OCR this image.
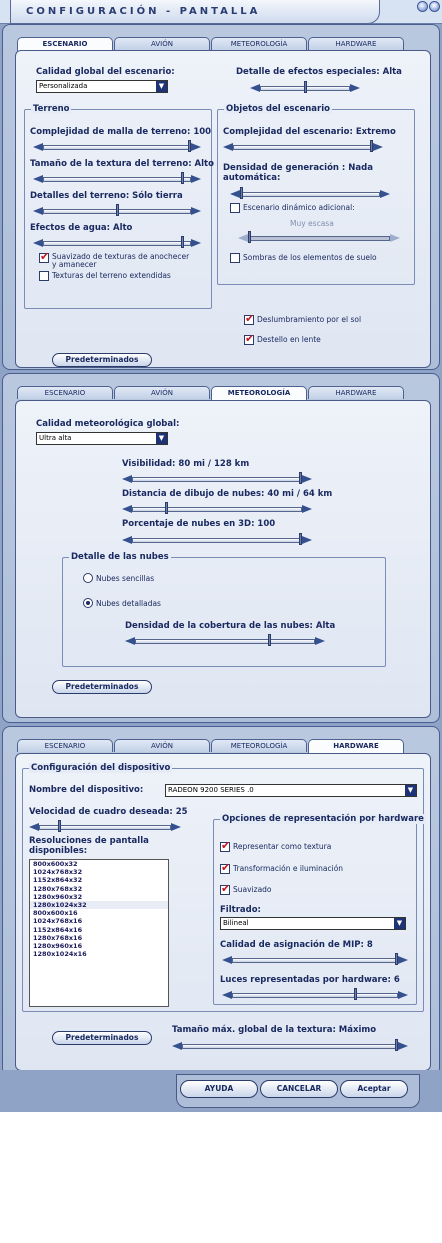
CONFIGURACIÓN - PANTALLA	–	×
ESCENARIO	AVIÓN	METEOROLOGÍA	HARDWARE
Calidad global del escenario:
Personalizada	▼
Detalle de efectos especiales: Alta
Terreno
Complejidad de malla de terreno: 100
Tamaño de la textura del terreno: Alto
Detalles del terreno: Sólo tierra
Efectos de agua: Alto
✔
Suavizado de texturas de anochecer
y amanecer
Texturas del terreno extendidas
Objetos del escenario
Complejidad del escenario: Extremo
Densidad de generación : Nada
automática:
Escenario dinámico adicional:
Muy escasa
Sombras de los elementos de suelo
✔
Deslumbramiento por el sol
✔
Destello en lente
Predeterminados
ESCENARIO	AVIÓN	METEOROLOGÍA	HARDWARE
Calidad meteorológica global:
Ultra alta	▼
Visibilidad: 80 mi / 128 km
Distancia de dibujo de nubes: 40 mi / 64 km
Porcentaje de nubes en 3D: 100
Detalle de las nubes
Nubes sencillas
Nubes detalladas
Densidad de la cobertura de las nubes: Alta
Predeterminados
ESCENARIO	AVIÓN	METEOROLOGÍA	HARDWARE
Configuración del dispositivo
Nombre del dispositivo:	RADEON 9200 SERIES .0	▼
Velocidad de cuadro deseada: 25
Resoluciones de pantalla
disponibles:
800x600x32
1024x768x32
1152x864x32
1280x768x32
1280x960x32
1280x1024x32
800x600x16
1024x768x16
1152x864x16
1280x768x16
1280x960x16
1280x1024x16
Opciones de representación por hardware
✔
Representar como textura
✔
Transformación e iluminación
✔
Suavizado
Filtrado:
Bilineal	▼
Calidad de asignación de MIP: 8
Luces representadas por hardware: 6
Tamaño máx. global de la textura: Máximo
Predeterminados
AYUDA	CANCELAR	Aceptar
